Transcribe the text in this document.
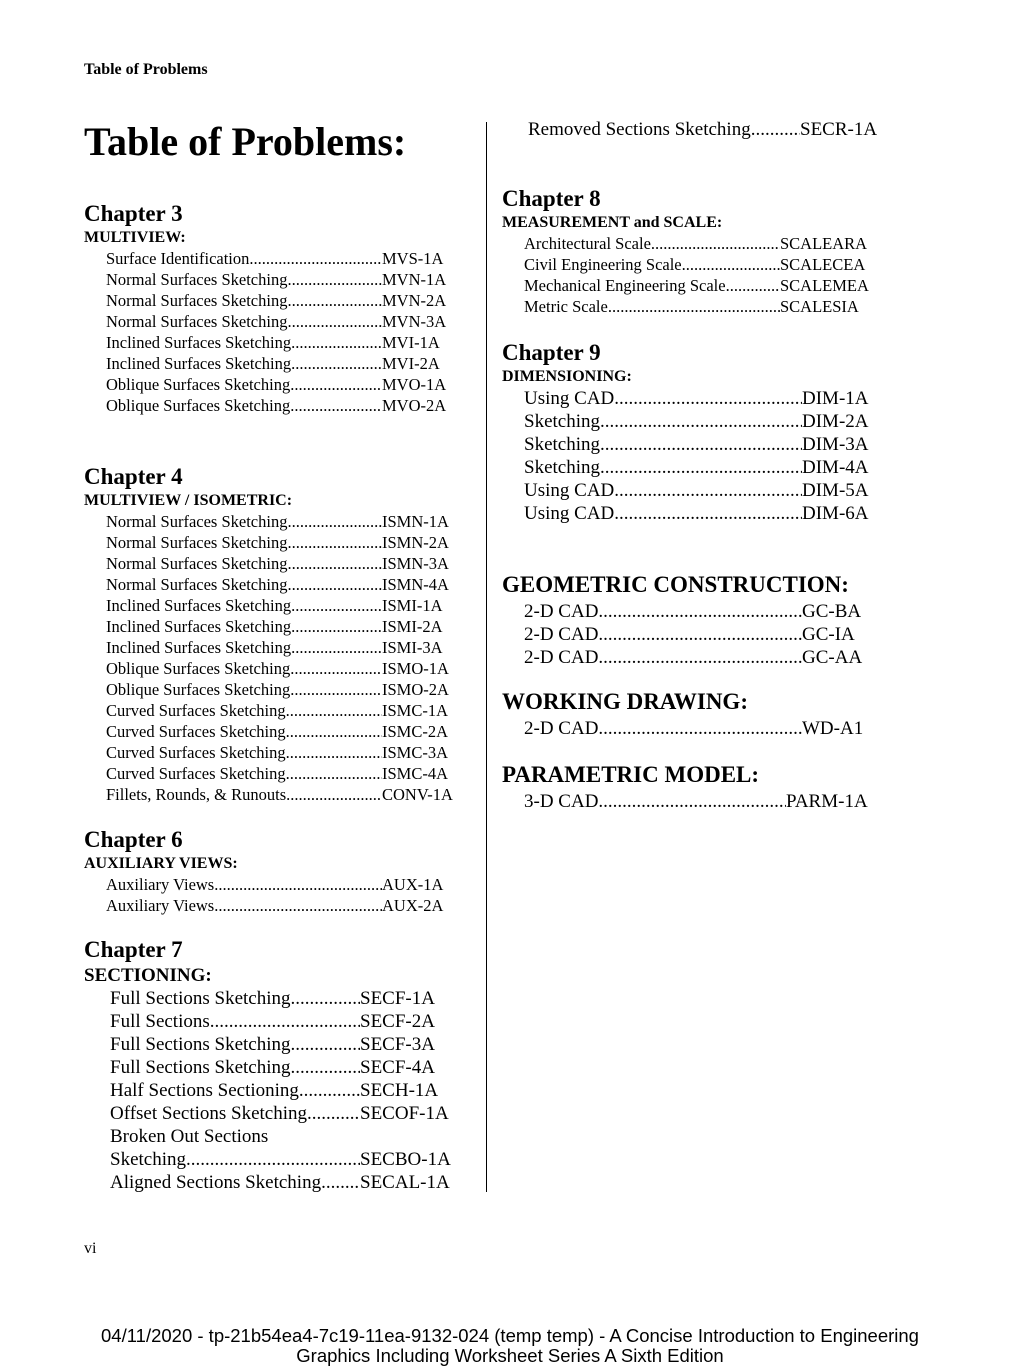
Table of Problems
Table of Problems:
Chapter 3
MULTIVIEW:
Surface Identification .....	MVS-1A
Normal Surfaces Sketching .....	MVN-1A
Normal Surfaces Sketching .....	MVN-2A
Normal Surfaces Sketching .....	MVN-3A
Inclined Surfaces Sketching .....	MVI-1A
Inclined Surfaces Sketching .....	MVI-2A
Oblique Surfaces Sketching .....	MVO-1A
Oblique Surfaces Sketching .....	MVO-2A
Chapter 4
MULTIVIEW / ISOMETRIC:
Normal Surfaces Sketching .....	ISMN-1A
Normal Surfaces Sketching .....	ISMN-2A
Normal Surfaces Sketching .....	ISMN-3A
Normal Surfaces Sketching .....	ISMN-4A
Inclined Surfaces Sketching .....	ISMI-1A
Inclined Surfaces Sketching .....	ISMI-2A
Inclined Surfaces Sketching .....	ISMI-3A
Oblique Surfaces Sketching .....	ISMO-1A
Oblique Surfaces Sketching .....	ISMO-2A
Curved Surfaces Sketching .....	ISMC-1A
Curved Surfaces Sketching .....	ISMC-2A
Curved Surfaces Sketching .....	ISMC-3A
Curved Surfaces Sketching .....	ISMC-4A
Fillets, Rounds, & Runouts .....	CONV-1A
Chapter 6
AUXILIARY VIEWS:
Auxiliary Views .....	AUX-1A
Auxiliary Views .....	AUX-2A
Chapter 7
SECTIONING:
Full Sections Sketching .....	SECF-1A
Full Sections .....	SECF-2A
Full Sections Sketching .....	SECF-3A
Full Sections Sketching .....	SECF-4A
Half Sections Sectioning .....	SECH-1A
Offset Sections Sketching .....	SECOF-1A
Broken Out Sections
Sketching .....	SECBO-1A
Aligned Sections Sketching ..... SECAL-1A
Removed Sections Sketching .....	SECR-1A
Chapter 8
MEASUREMENT and SCALE:
Architectural Scale .....	SCALEARA
Civil Engineering Scale .....	SCALECEA
Mechanical Engineering Scale .....	SCALEMEA
Metric Scale .....	SCALESIA
Chapter 9
DIMENSIONING:
Using CAD .....	DIM-1A
Sketching .....	DIM-2A
Sketching .....	DIM-3A
Sketching .....	DIM-4A
Using CAD .....	DIM-5A
Using CAD .....	DIM-6A
GEOMETRIC CONSTRUCTION:
2-D CAD .....	GC-BA
2-D CAD .....	GC-IA
2-D CAD .....	GC-AA
WORKING DRAWING:
2-D CAD .....	WD-A1
PARAMETRIC MODEL:
3-D CAD .....	PARM-1A
vi
04/11/2020 - tp-21b54ea4-7c19-11ea-9132-024 (temp temp) - A Concise Introduction to Engineering
Graphics Including Worksheet Series A Sixth Edition
